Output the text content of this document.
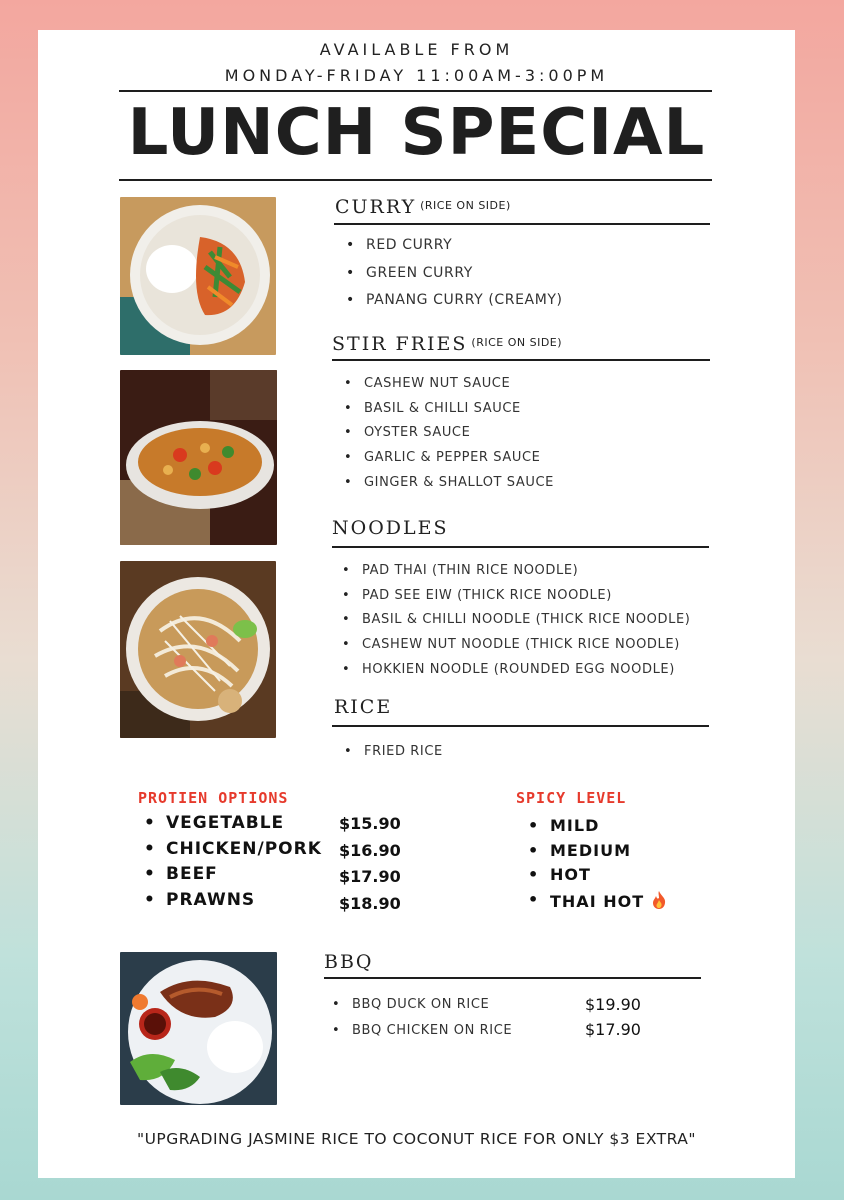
AVAILABLE FROM
MONDAY-FRIDAY 11:00AM-3:00PM
LUNCH SPECIAL
CURRY $^{(RICE ON SIDE)}$
• RED CURRY
• GREEN CURRY
• PANANG CURRY (CREAMY)
STIR FRIES $^{(RICE ON SIDE)}$
• CASHEW NUT SAUCE
• BASIL & CHILLI SAUCE
• OYSTER SAUCE
• GARLIC & PEPPER SAUCE
• GINGER & SHALLOT SAUCE
NOODLES
• PAD THAI (THIN RICE NOODLE)
• PAD SEE EIW (THICK RICE NOODLE)
• BASIL & CHILLI NOODLE (THICK RICE NOODLE)
• CASHEW NUT NOODLE (THICK RICE NOODLE)
• HOKKIEN NOODLE (ROUNDED EGG NOODLE)
RICE
• FRIED RICE
PROTIEN OPTIONS
• VEGETABLE
• CHICKEN/PORK
• BEEF
• PRAWNS
$15.90
$16.90
$17.90
$18.90
SPICY LEVEL
• MILD
• MEDIUM
• HOT
• THAI HOT
BBQ
• BBQ DUCK ON RICE
• BBQ CHICKEN ON RICE
$19.90
$17.90
"UPGRADING JASMINE RICE TO COCONUT RICE FOR ONLY $3 EXTRA"
